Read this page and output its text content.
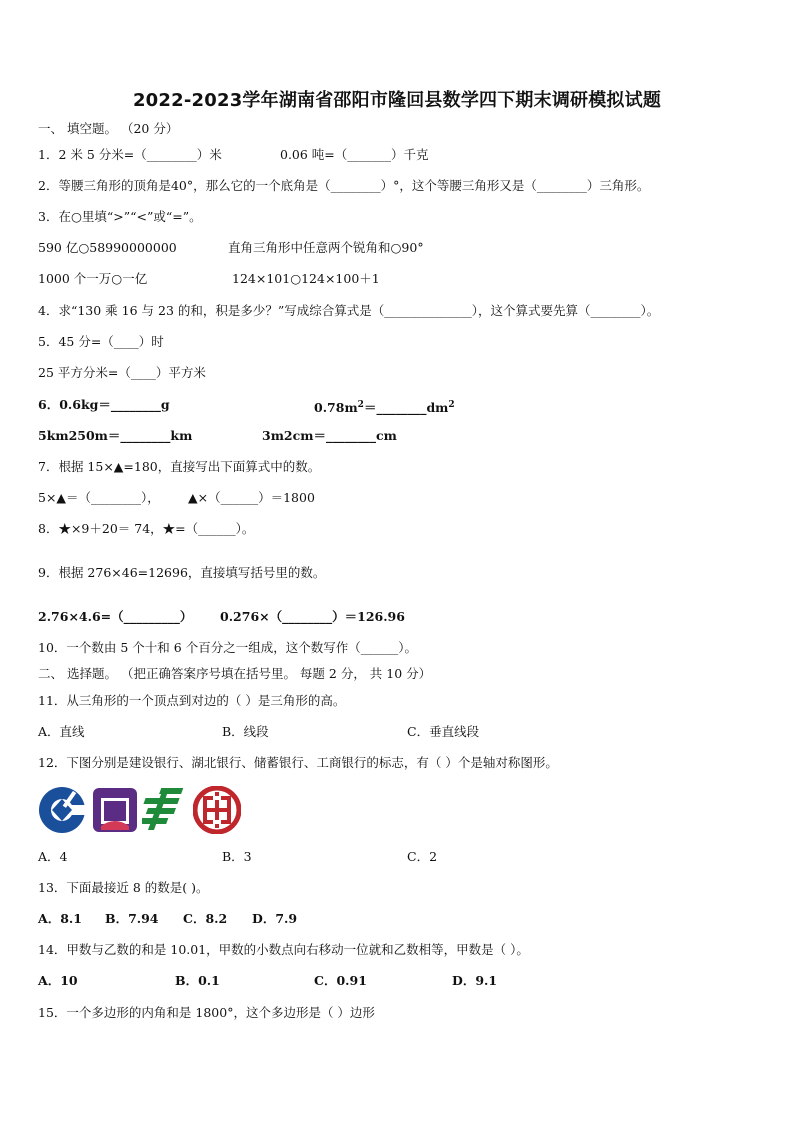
2022-2023学年湖南省邵阳市隆回县数学四下期末调研模拟试题
一、 填空题。 （20 分）
1．2 米 5 分米=（________）米	0.06 吨=（_______）千克
2．等腰三角形的顶角是40°，那么它的一个底角是（________）°，这个等腰三角形又是（________）三角形。
3．在○里填“>”“<”或“=”。
590 亿○58990000000	直角三角形中任意两个锐角和○90°
1000 个一万○一亿	124×101○124×100＋1
4．求“130 乘 16 与 23 的和，积是多少？”写成综合算式是（______________），这个算式要先算（________）。
5．45 分=（____）时
25 平方分米=（____）平方米
6．0.6kg＝________g	$0.78m^2=\_\_\_\_\_\_\_\_dm^2$
5km250m＝________km	3m2cm＝________cm
7．根据 15×▲=180，直接写出下面算式中的数。
5×▲＝（________）， ▲×（______）＝1800
8．★×9＋20＝ 74，★=（______）。
9．根据 276×46=12696，直接填写括号里的数。
2.76×4.6=（_________） 0.276×（________）＝126.96
10．一个数由 5 个十和 6 个百分之一组成，这个数写作（______）。
二、 选择题。 （把正确答案序号填在括号里。 每题 2 分， 共 10 分）
11．从三角形的一个顶点到对边的（ ）是三角形的高。
A．直线	B．线段	C．垂直线段
12．下图分别是建设银行、湖北银行、储蓄银行、工商银行的标志，有（ ）个是轴对称图形。
A．4	B．3	C．2
13．下面最接近 8 的数是( )。
A．8.1 B．7.94 C．8.2 D．7.9
14．甲数与乙数的和是 10.01，甲数的小数点向右移动一位就和乙数相等，甲数是（ ）。
A．10	B．0.1	C．0.91	D．9.1
15．一个多边形的内角和是 1800°，这个多边形是（ ）边形
